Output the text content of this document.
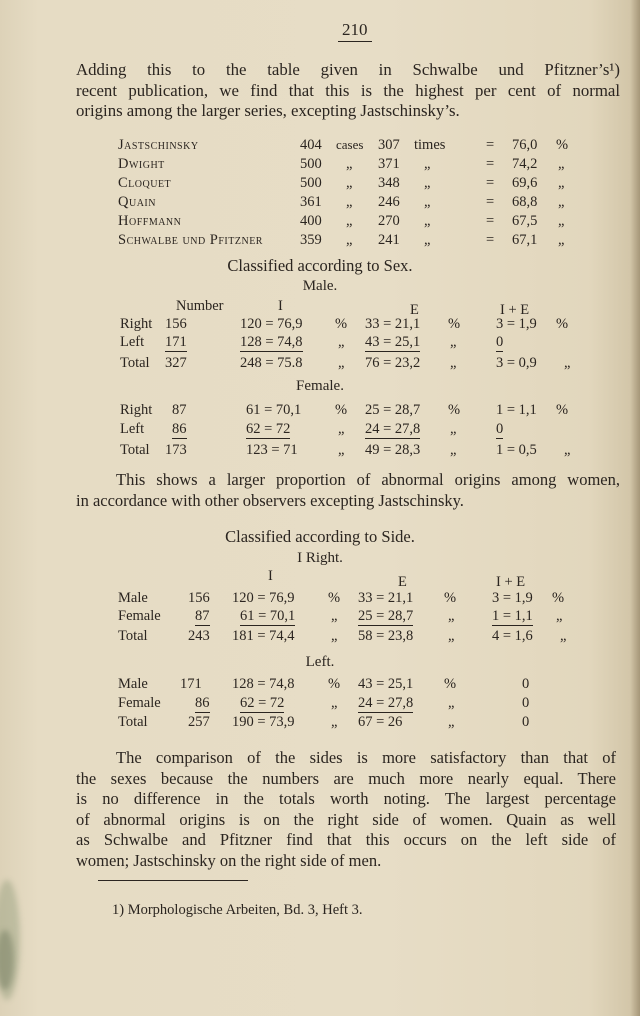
210
Adding this to the table given in Schwalbe und Pfitzner’s¹)
recent publication, we find that this is the highest per cent of normal
origins among the larger series, excepting Jastschinsky’s.
Jastschinsky	404 cases 307 times	= 76,0 %
Dwight	500 „ 371 „	= 74,2 „
Cloquet	500 „ 348 „	= 69,6 „
Quain	361 „ 246 „	= 68,8 „
Hoffmann	400 „ 270 „	= 67,5 „
Schwalbe und Pfitzner	359 „ 241 „	= 67,1 „
Classified according to Sex.
Male.
Number	I	E	I + E
Right 156	120 = 76,9 % 33 = 21,1 % 3 = 1,9 %
Left 171	128 = 74,8 „ 43 = 25,1 „	0
Total 327	248 = 75.8 „ 76 = 23,2 „	3 = 0,9 „
Female.
Right 87	61 = 70,1 % 25 = 28,7 % 1 = 1,1 %
Left 86	62 = 72	„ 24 = 27,8 „	0
Total 173	123 = 71	„ 49 = 28,3 „	1 = 0,5 „
This shows a larger proportion of abnormal origins among women,
in accordance with other observers excepting Jastschinsky.
Classified according to Side.
I Right.
I	E	I + E
Male	156 120 = 76,9 % 33 = 21,1 % 3 = 1,9 %
Female 87 61 = 70,1 „ 25 = 28,7 „	1 = 1,1 „
Total	243 181 = 74,4	„ 58 = 23,8 „	4 = 1,6 „
Left.
Male 171 128 = 74,8 % 43 = 25,1 %	0
Female 86 62 = 72	„ 24 = 27,8 „	0
Total	257 190 = 73,9	„ 67 = 26	„	0
The comparison of the sides is more satisfactory than that of
the sexes because the numbers are much more nearly equal. There
is no difference in the totals worth noting. The largest percentage
of abnormal origins is on the right side of women. Quain as well
as Schwalbe and Pfitzner find that this occurs on the left side of
women; Jastschinsky on the right side of men.
1) Morphologische Arbeiten, Bd. 3, Heft 3.
